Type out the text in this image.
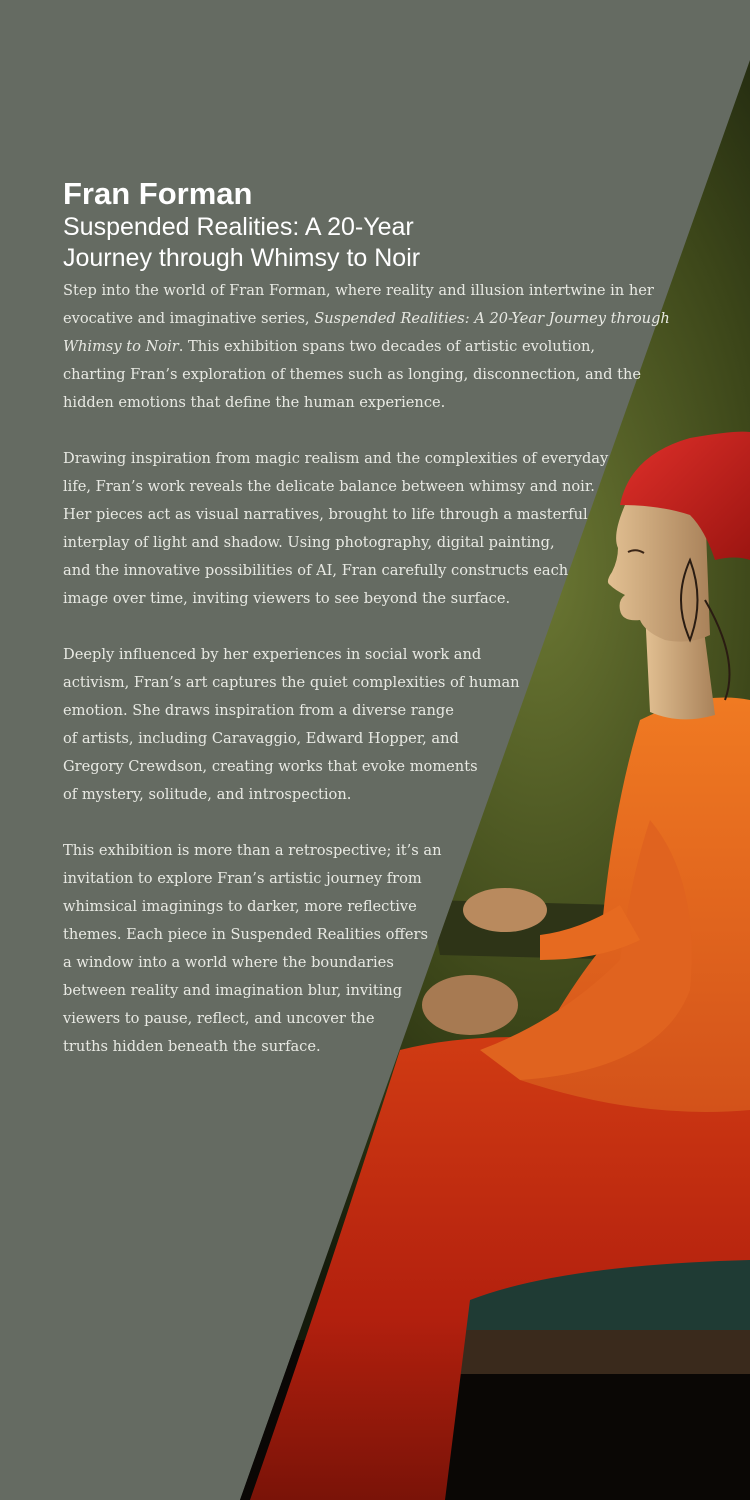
Fran Forman
Suspended Realities: A 20-Year
Journey through Whimsy to Noir

Step into the world of Fran Forman, where reality and illusion intertwine in her
evocative and imaginative series, Suspended Realities: A 20-Year Journey through
Whimsy to Noir. This exhibition spans two decades of artistic evolution,
charting Fran’s exploration of themes such as longing, disconnection, and the
hidden emotions that define the human experience.

Drawing inspiration from magic realism and the complexities of everyday
life, Fran’s work reveals the delicate balance between whimsy and noir.
Her pieces act as visual narratives, brought to life through a masterful
interplay of light and shadow. Using photography, digital painting,
and the innovative possibilities of AI, Fran carefully constructs each
image over time, inviting viewers to see beyond the surface.

Deeply influenced by her experiences in social work and
activism, Fran’s art captures the quiet complexities of human
emotion. She draws inspiration from a diverse range
of artists, including Caravaggio, Edward Hopper, and
Gregory Crewdson, creating works that evoke moments
of mystery, solitude, and introspection.

This exhibition is more than a retrospective; it’s an
invitation to explore Fran’s artistic journey from
whimsical imaginings to darker, more reflective
themes. Each piece in Suspended Realities offers
a window into a world where the boundaries
between reality and imagination blur, inviting
viewers to pause, reflect, and uncover the
truths hidden beneath the surface.
